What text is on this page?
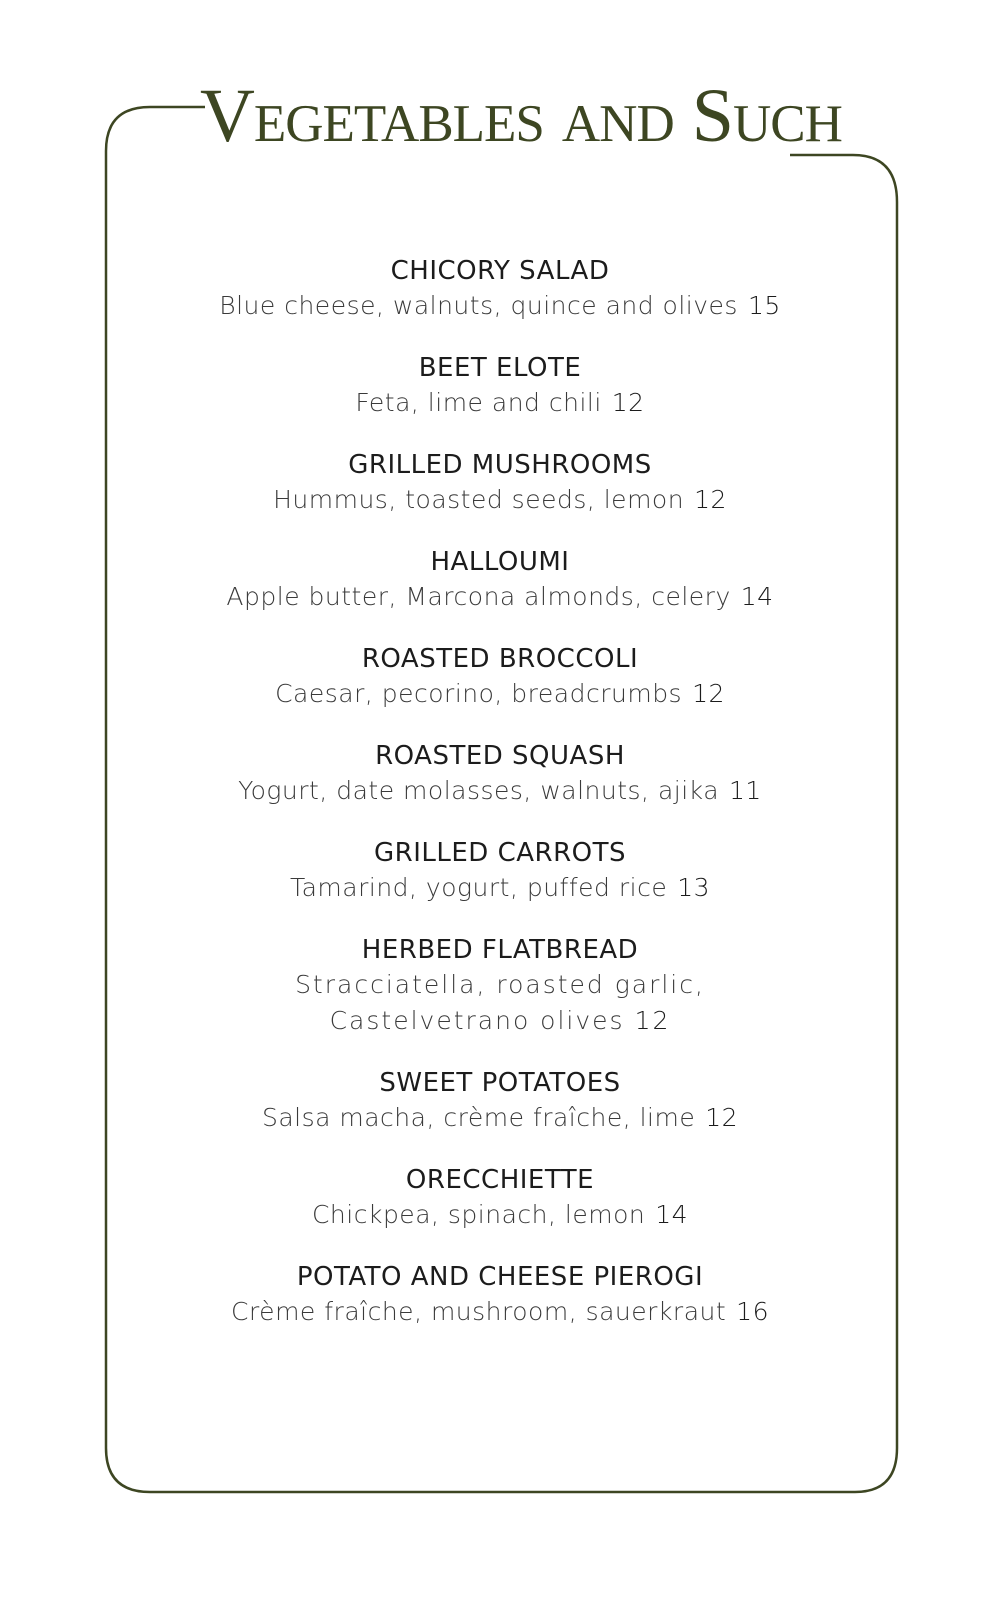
Vegetables and Such
CHICORY SALAD
Blue cheese, walnuts, quince and olives 15
BEET ELOTE
Feta, lime and chili 12
GRILLED MUSHROOMS
Hummus, toasted seeds, lemon 12
HALLOUMI
Apple butter, Marcona almonds, celery 14
ROASTED BROCCOLI
Caesar, pecorino, breadcrumbs 12
ROASTED SQUASH
Yogurt, date molasses, walnuts, ajika 11
GRILLED CARROTS
Tamarind, yogurt, puffed rice 13
HERBED FLATBREAD
Stracciatella, roasted garlic,
Castelvetrano olives 12
SWEET POTATOES
Salsa macha, crème fraîche, lime 12
ORECCHIETTE
Chickpea, spinach, lemon 14
POTATO AND CHEESE PIEROGI
Crème fraîche, mushroom, sauerkraut 16
